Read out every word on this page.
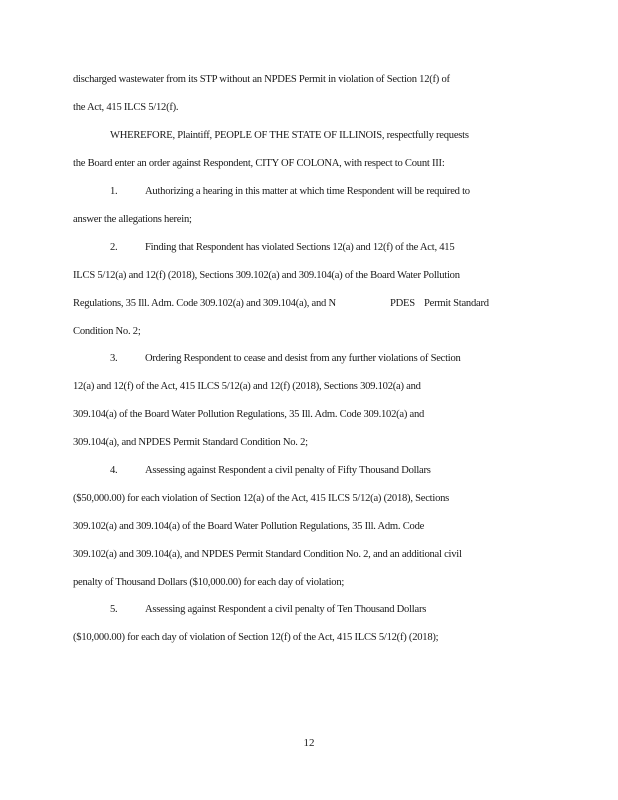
discharged wastewater from its STP without an NPDES Permit in violation of Section 12(f) of
the Act, 415 ILCS 5/12(f).
WHEREFORE, Plaintiff, PEOPLE OF THE STATE OF ILLINOIS, respectfully requests
the Board enter an order against Respondent, CITY OF COLONA, with respect to Count III:
1.	Authorizing a hearing in this matter at which time Respondent will be required to
answer the allegations herein;
2.	Finding that Respondent has violated Sections 12(a) and 12(f) of the Act, 415
ILCS 5/12(a) and 12(f) (2018), Sections 309.102(a) and 309.104(a) of the Board Water Pollution
Regulations, 35 Ill. Adm. Code 309.102(a) and 309.104(a), and N	PDES Permit Standard
Condition No. 2;
3.	Ordering Respondent to cease and desist from any further violations of Section
12(a) and 12(f) of the Act, 415 ILCS 5/12(a) and 12(f) (2018), Sections 309.102(a) and
309.104(a) of the Board Water Pollution Regulations, 35 Ill. Adm. Code 309.102(a) and
309.104(a), and NPDES Permit Standard Condition No. 2;
4.	Assessing against Respondent a civil penalty of Fifty Thousand Dollars
($50,000.00) for each violation of Section 12(a) of the Act, 415 ILCS 5/12(a) (2018), Sections
309.102(a) and 309.104(a) of the Board Water Pollution Regulations, 35 Ill. Adm. Code
309.102(a) and 309.104(a), and NPDES Permit Standard Condition No. 2, and an additional civil
penalty of Thousand Dollars ($10,000.00) for each day of violation;
5.	Assessing against Respondent a civil penalty of Ten Thousand Dollars
($10,000.00) for each day of violation of Section 12(f) of the Act, 415 ILCS 5/12(f) (2018);
12
